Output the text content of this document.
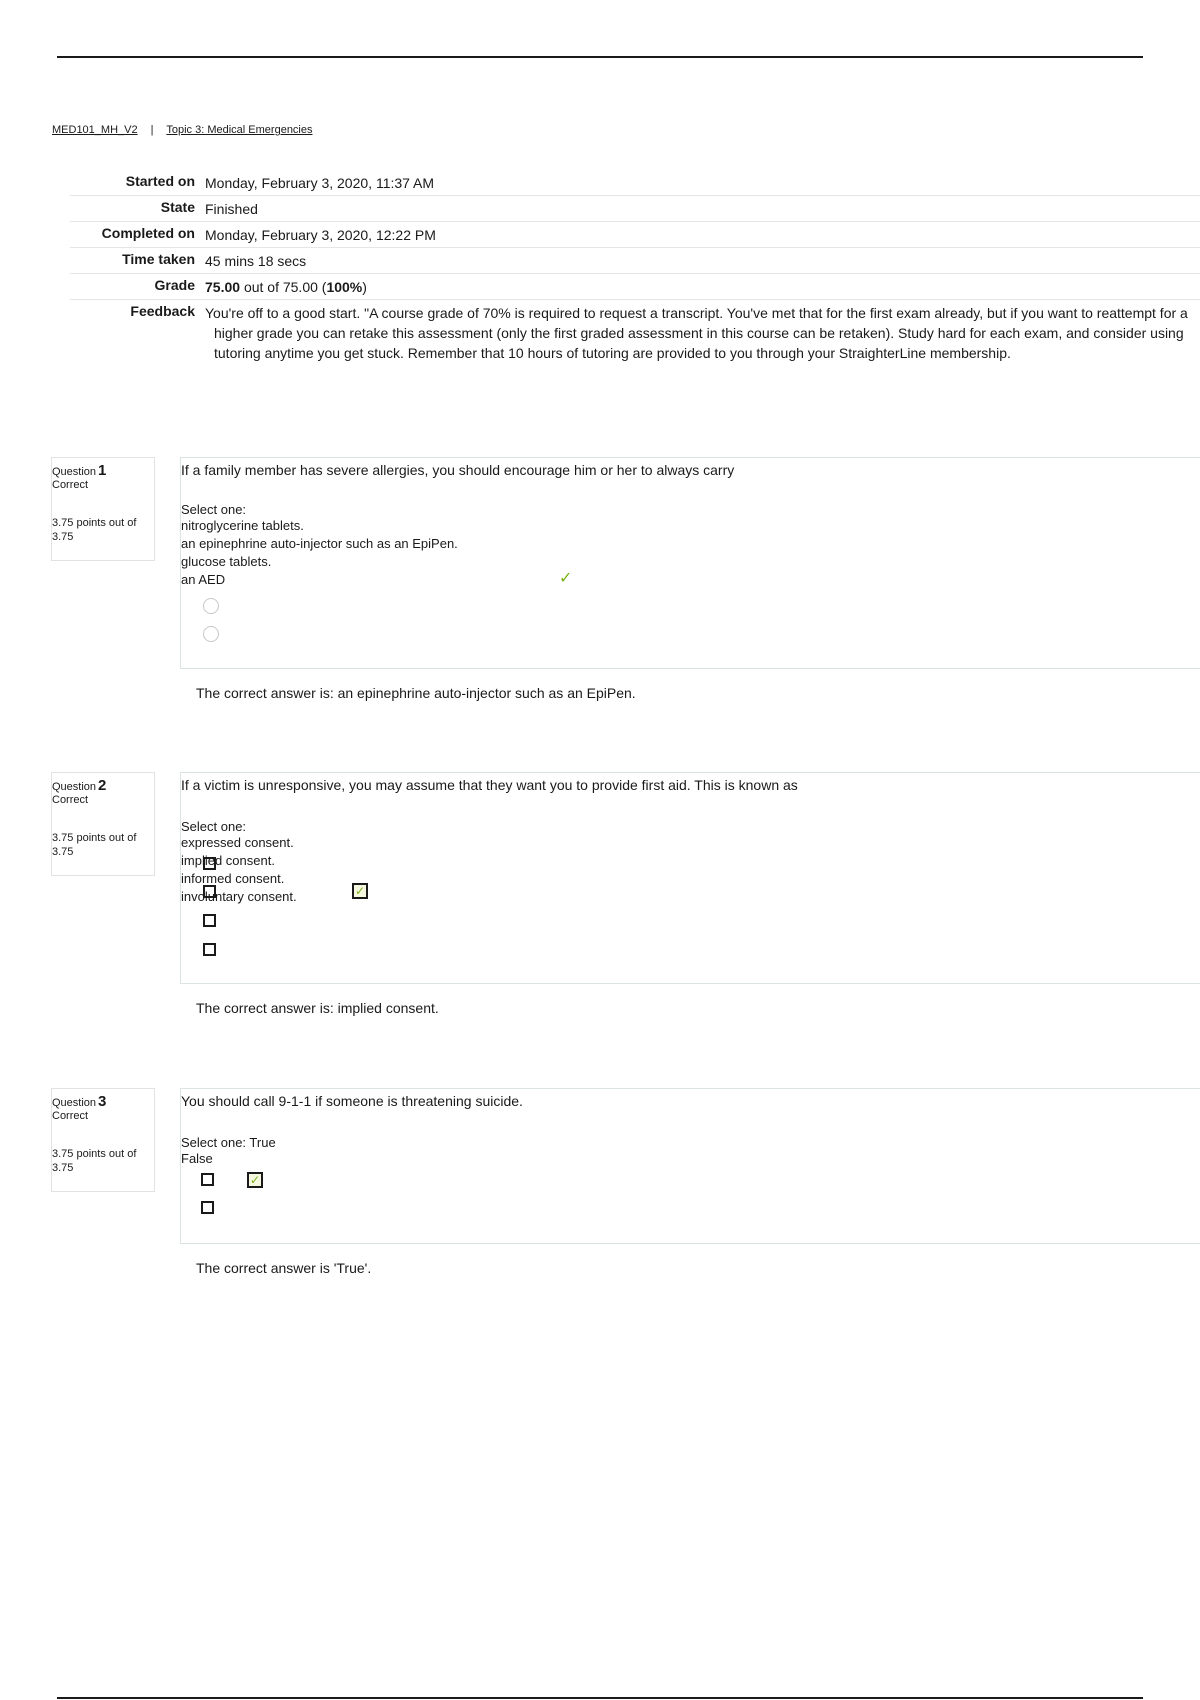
MED101_MH_V2 | Topic 3: Medical Emergencies
Started on	Monday, February 3, 2020, 11:37 AM
State	Finished
Completed on	Monday, February 3, 2020, 12:22 PM
Time taken	45 mins 18 secs
Grade	75.00 out of 75.00 (100%)
Feedback	You're off to a good start. "A course grade of 70% is required to request a transcript. You've met that for the first exam already, but if you want to reattempt for a higher grade you can retake this assessment (only the first graded assessment in this course can be retaken). Study hard for each exam, and consider using tutoring anytime you get stuck. Remember that 10 hours of tutoring are provided to you through your StraighterLine membership.
Question 1
Correct
3.75 points out of 3.75
If a family member has severe allergies, you should encourage him or her to always carry
Select one:
nitroglycerine tablets.
an epinephrine auto-injector such as an EpiPen.
glucose tablets.
an AED	✓
The correct answer is: an epinephrine auto-injector such as an EpiPen.
Question 2
Correct
3.75 points out of 3.75
If a victim is unresponsive, you may assume that they want you to provide first aid. This is known as
Select one:
expressed consent.
implied consent.
informed consent.
involuntary consent.	✓
The correct answer is: implied consent.
Question 3
Correct
3.75 points out of 3.75
You should call 9-1-1 if someone is threatening suicide.
Select one: True
False
✓
The correct answer is 'True'.
